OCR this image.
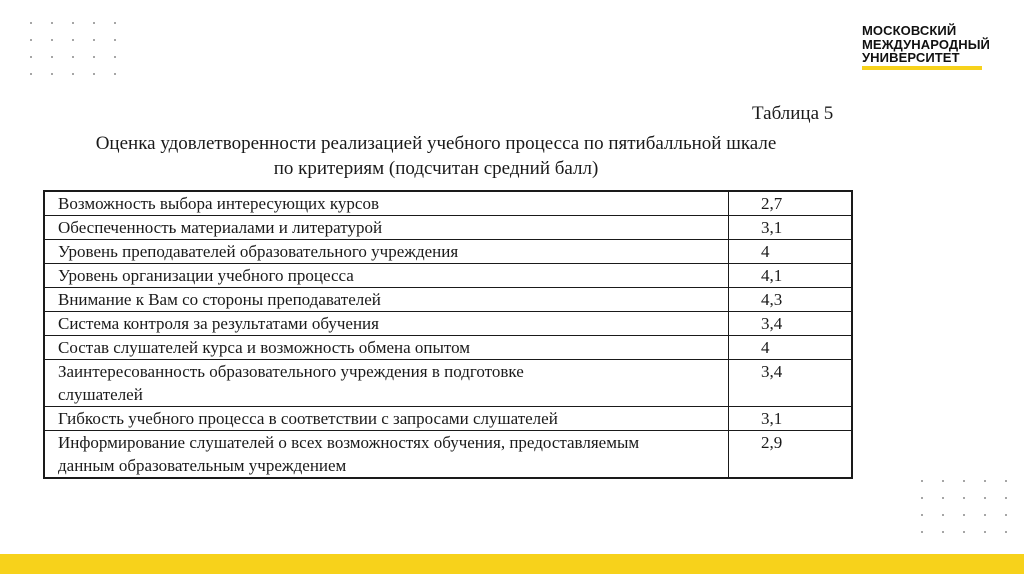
МОСКОВСКИЙ
МЕЖДУНАРОДНЫЙ
УНИВЕРСИТЕТ
Таблица 5
Оценка удовлетворенности реализацией учебного процесса по пятибалльной шкале
по критериям (подсчитан средний балл)
Возможность выбора интересующих курсов	2,7
Обеспеченность материалами и литературой	3,1
Уровень преподавателей образовательного учреждения	4
Уровень организации учебного процесса	4,1
Внимание к Вам со стороны преподавателей	4,3
Система контроля за результатами обучения	3,4
Состав слушателей курса и возможность обмена опытом	4
Заинтересованность образовательного учреждения в подготовке слушателей	3,4
Гибкость учебного процесса в соответствии с запросами слушателей	3,1
Информирование слушателей о всех возможностях обучения, предоставляемым данным образовательным учреждением	2,9
